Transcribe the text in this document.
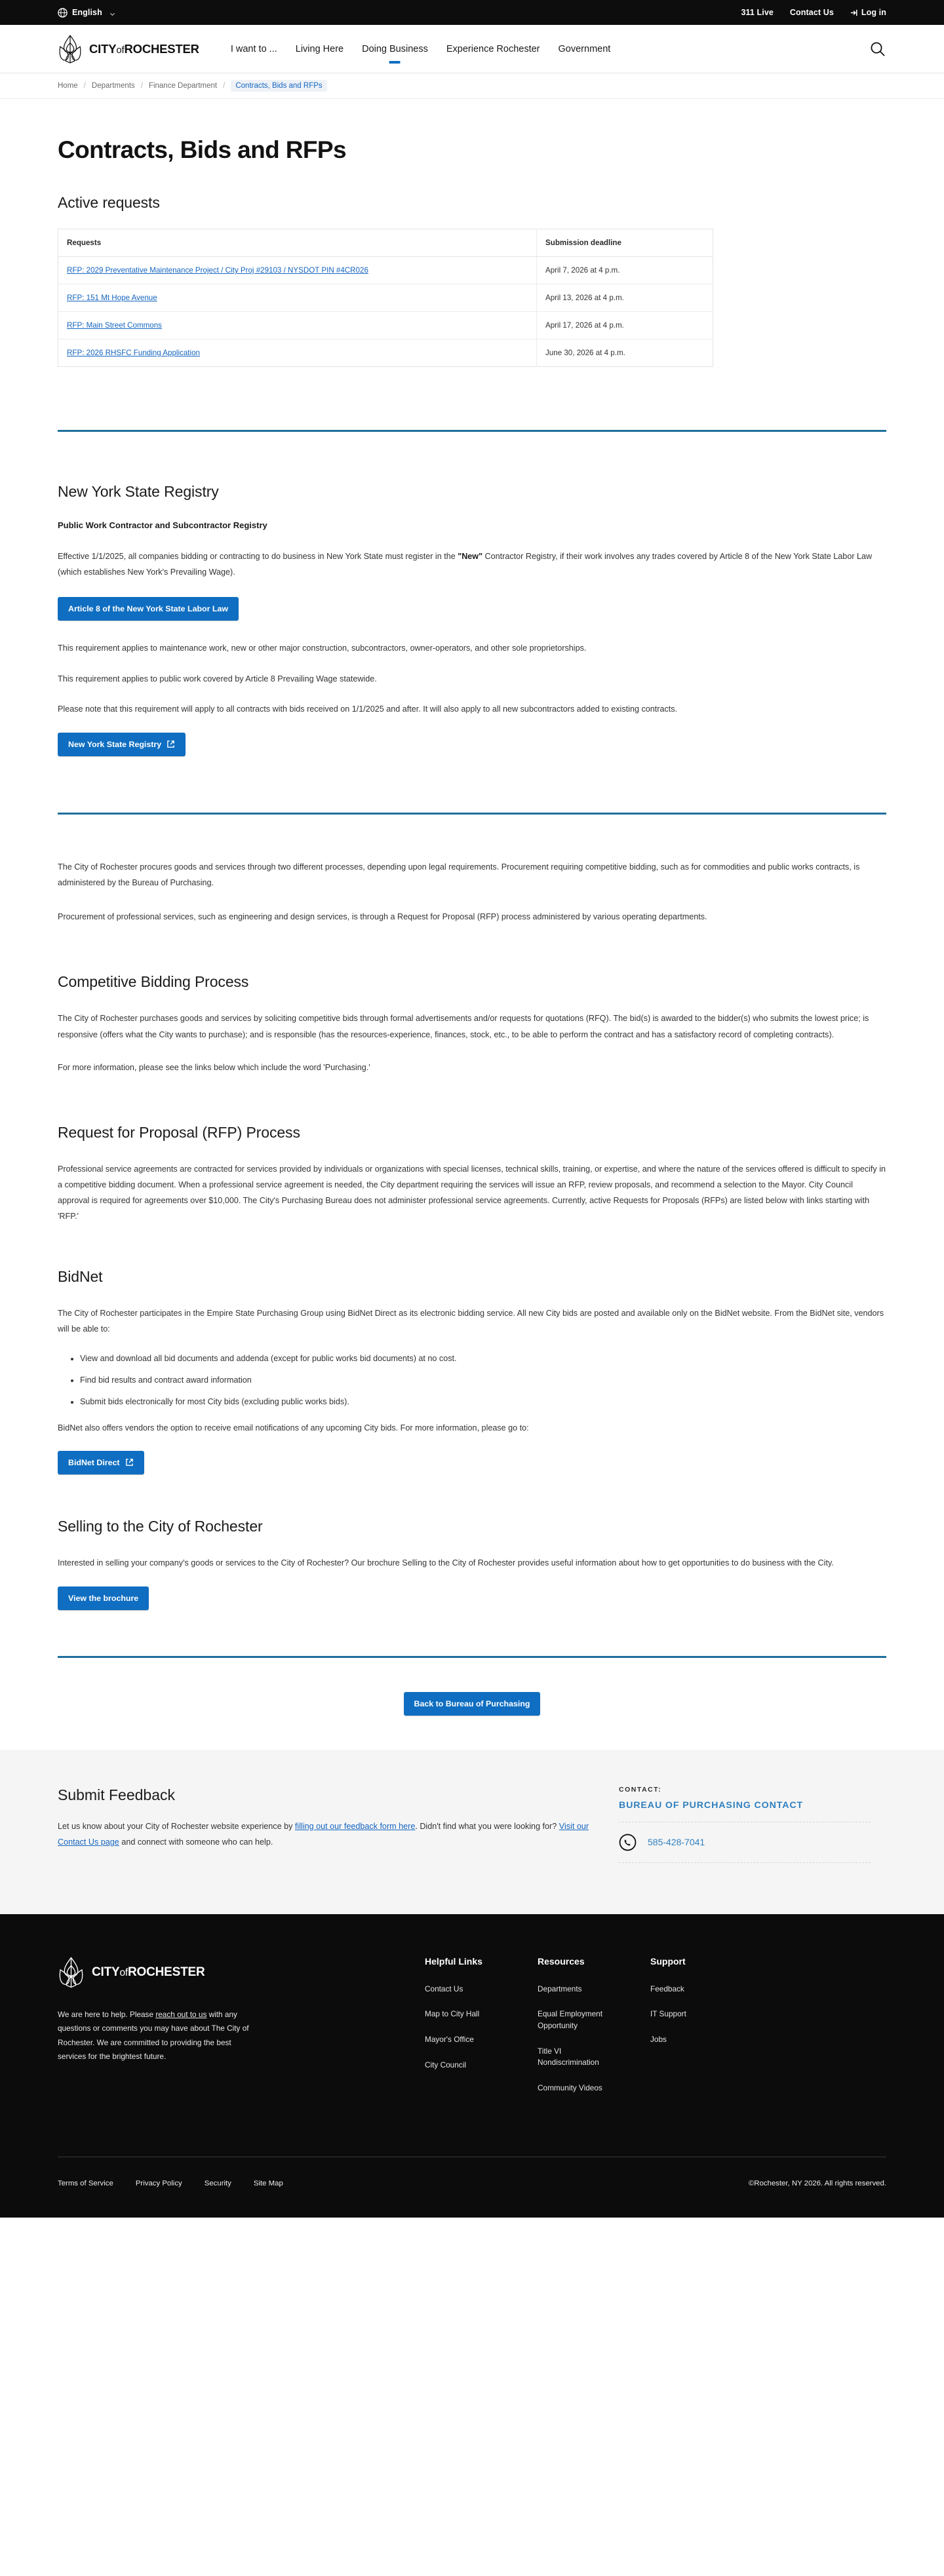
English	311 Live Contact Us	Log in
CITYofROCHESTER	I want to ... Living Here Doing Business Experience Rochester Government
Home / Departments / Finance Department /	Contracts, Bids and RFPs
Contracts, Bids and RFPs
Active requests
Requests	Submission deadline
RFP: 2029 Preventative Maintenance Project / City Proj #29103 / NYSDOT PIN #4CR026	April 7, 2026 at 4 p.m.
RFP: 151 Mt Hope Avenue	April 13, 2026 at 4 p.m.
RFP: Main Street Commons	April 17, 2026 at 4 p.m.
RFP: 2026 RHSFC Funding Application	June 30, 2026 at 4 p.m.
New York State Registry
Public Work Contractor and Subcontractor Registry

Effective 1/1/2025, all companies bidding or contracting to do business in New York State must register in the "New" Contractor Registry, if their work involves any trades covered by Article 8 of the New York State Labor Law (which establishes New York's Prevailing Wage).

Article 8 of the New York State Labor Law

This requirement applies to maintenance work, new or other major construction, subcontractors, owner-operators, and other sole proprietorships.

This requirement applies to public work covered by Article 8 Prevailing Wage statewide.

Please note that this requirement will apply to all contracts with bids received on 1/1/2025 and after. It will also apply to all new subcontractors added to existing contracts.

New York State Registry

The City of Rochester procures goods and services through two different processes, depending upon legal requirements. Procurement requiring competitive bidding, such as for commodities and public works contracts, is administered by the Bureau of Purchasing.

Procurement of professional services, such as engineering and design services, is through a Request for Proposal (RFP) process administered by various operating departments.

Competitive Bidding Process

The City of Rochester purchases goods and services by soliciting competitive bids through formal advertisements and/or requests for quotations (RFQ). The bid(s) is awarded to the bidder(s) who submits the lowest price; is responsive (offers what the City wants to purchase); and is responsible (has the resources-experience, finances, stock, etc., to be able to perform the contract and has a satisfactory record of completing contracts).

For more information, please see the links below which include the word 'Purchasing.'

Request for Proposal (RFP) Process

Professional service agreements are contracted for services provided by individuals or organizations with special licenses, technical skills, training, or expertise, and where the nature of the services offered is difficult to specify in a competitive bidding document. When a professional service agreement is needed, the City department requiring the services will issue an RFP, review proposals, and recommend a selection to the Mayor. City Council approval is required for agreements over $10,000. The City's Purchasing Bureau does not administer professional service agreements. Currently, active Requests for Proposals (RFPs) are listed below with links starting with 'RFP.'

BidNet

The City of Rochester participates in the Empire State Purchasing Group using BidNet Direct as its electronic bidding service. All new City bids are posted and available only on the BidNet website. From the BidNet site, vendors will be able to:

• View and download all bid documents and addenda (except for public works bid documents) at no cost.
• Find bid results and contract award information
• Submit bids electronically for most City bids (excluding public works bids).

BidNet also offers vendors the option to receive email notifications of any upcoming City bids. For more information, please go to:

BidNet Direct
Selling to the City of Rochester

Interested in selling your company's goods or services to the City of Rochester? Our brochure Selling to the City of Rochester provides useful information about how to get opportunities to do business with the City.

View the brochure
Back to Bureau of Purchasing
Submit Feedback

Let us know about your City of Rochester website experience by filling out our feedback form here. Didn't find what you were looking for? Visit our Contact Us page and connect with someone who can help.

CONTACT:
BUREAU OF PURCHASING CONTACT
585-428-7041
CITYofROCHESTER

We are here to help. Please reach out to us with any questions or comments you may have about The City of Rochester. We are committed to providing the best services for the brightest future.

Helpful Links
Contact Us
Map to City Hall
Mayor's Office
City Council
Resources
Departments
Equal Employment Opportunity
Title VI Nondiscrimination
Community Videos
Support
Feedback
IT Support
Jobs
Terms of Service	Privacy Policy	Security	Site Map	©Rochester, NY 2026. All rights reserved.
